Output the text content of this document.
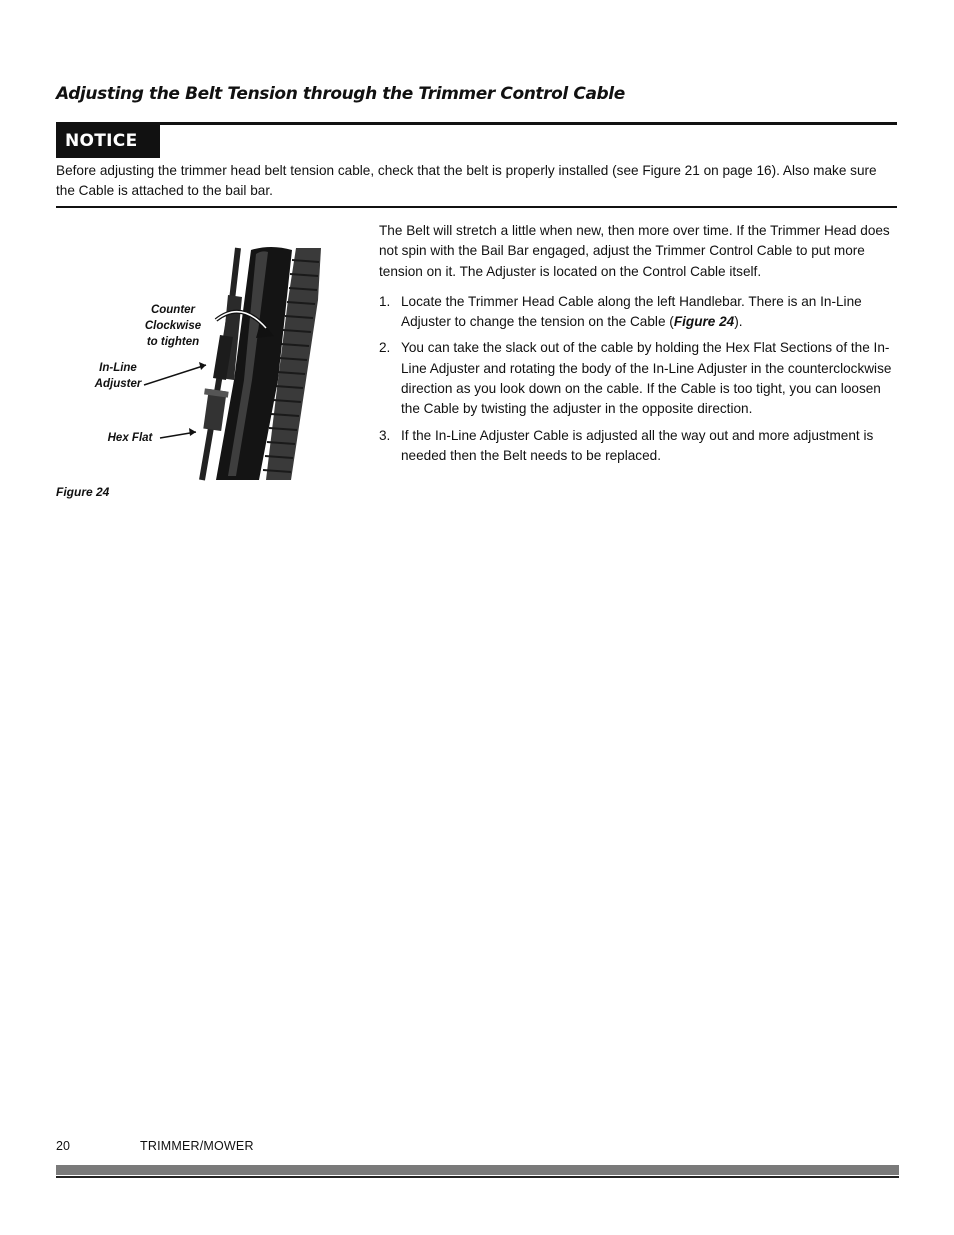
Adjusting the Belt Tension through the Trimmer Control Cable
NOTICE
Before adjusting the trimmer head belt tension cable, check that the belt is properly installed (see Figure 21 on page 16). Also make sure the Cable is attached to the bail bar.
Counter
Clockwise
to tighten
In-Line
Adjuster
Hex Flat
Figure 24

The Belt will stretch a little when new, then more over time. If the Trimmer Head does not spin with the Bail Bar engaged, adjust the Trimmer Control Cable to put more tension on it. The Adjuster is located on the Control Cable itself.

1. Locate the Trimmer Head Cable along the left Handlebar. There is an In-Line Adjuster to change the tension on the Cable (Figure 24).
2. You can take the slack out of the cable by holding the Hex Flat Sections of the In-Line Adjuster and rotating the body of the In-Line Adjuster in the counterclockwise direction as you look down on the cable. If the Cable is too tight, you can loosen the Cable by twisting the adjuster in the opposite direction.
3. If the In-Line Adjuster Cable is adjusted all the way out and more adjustment is needed then the Belt needs to be replaced.
20	TRIMMER/MOWER
